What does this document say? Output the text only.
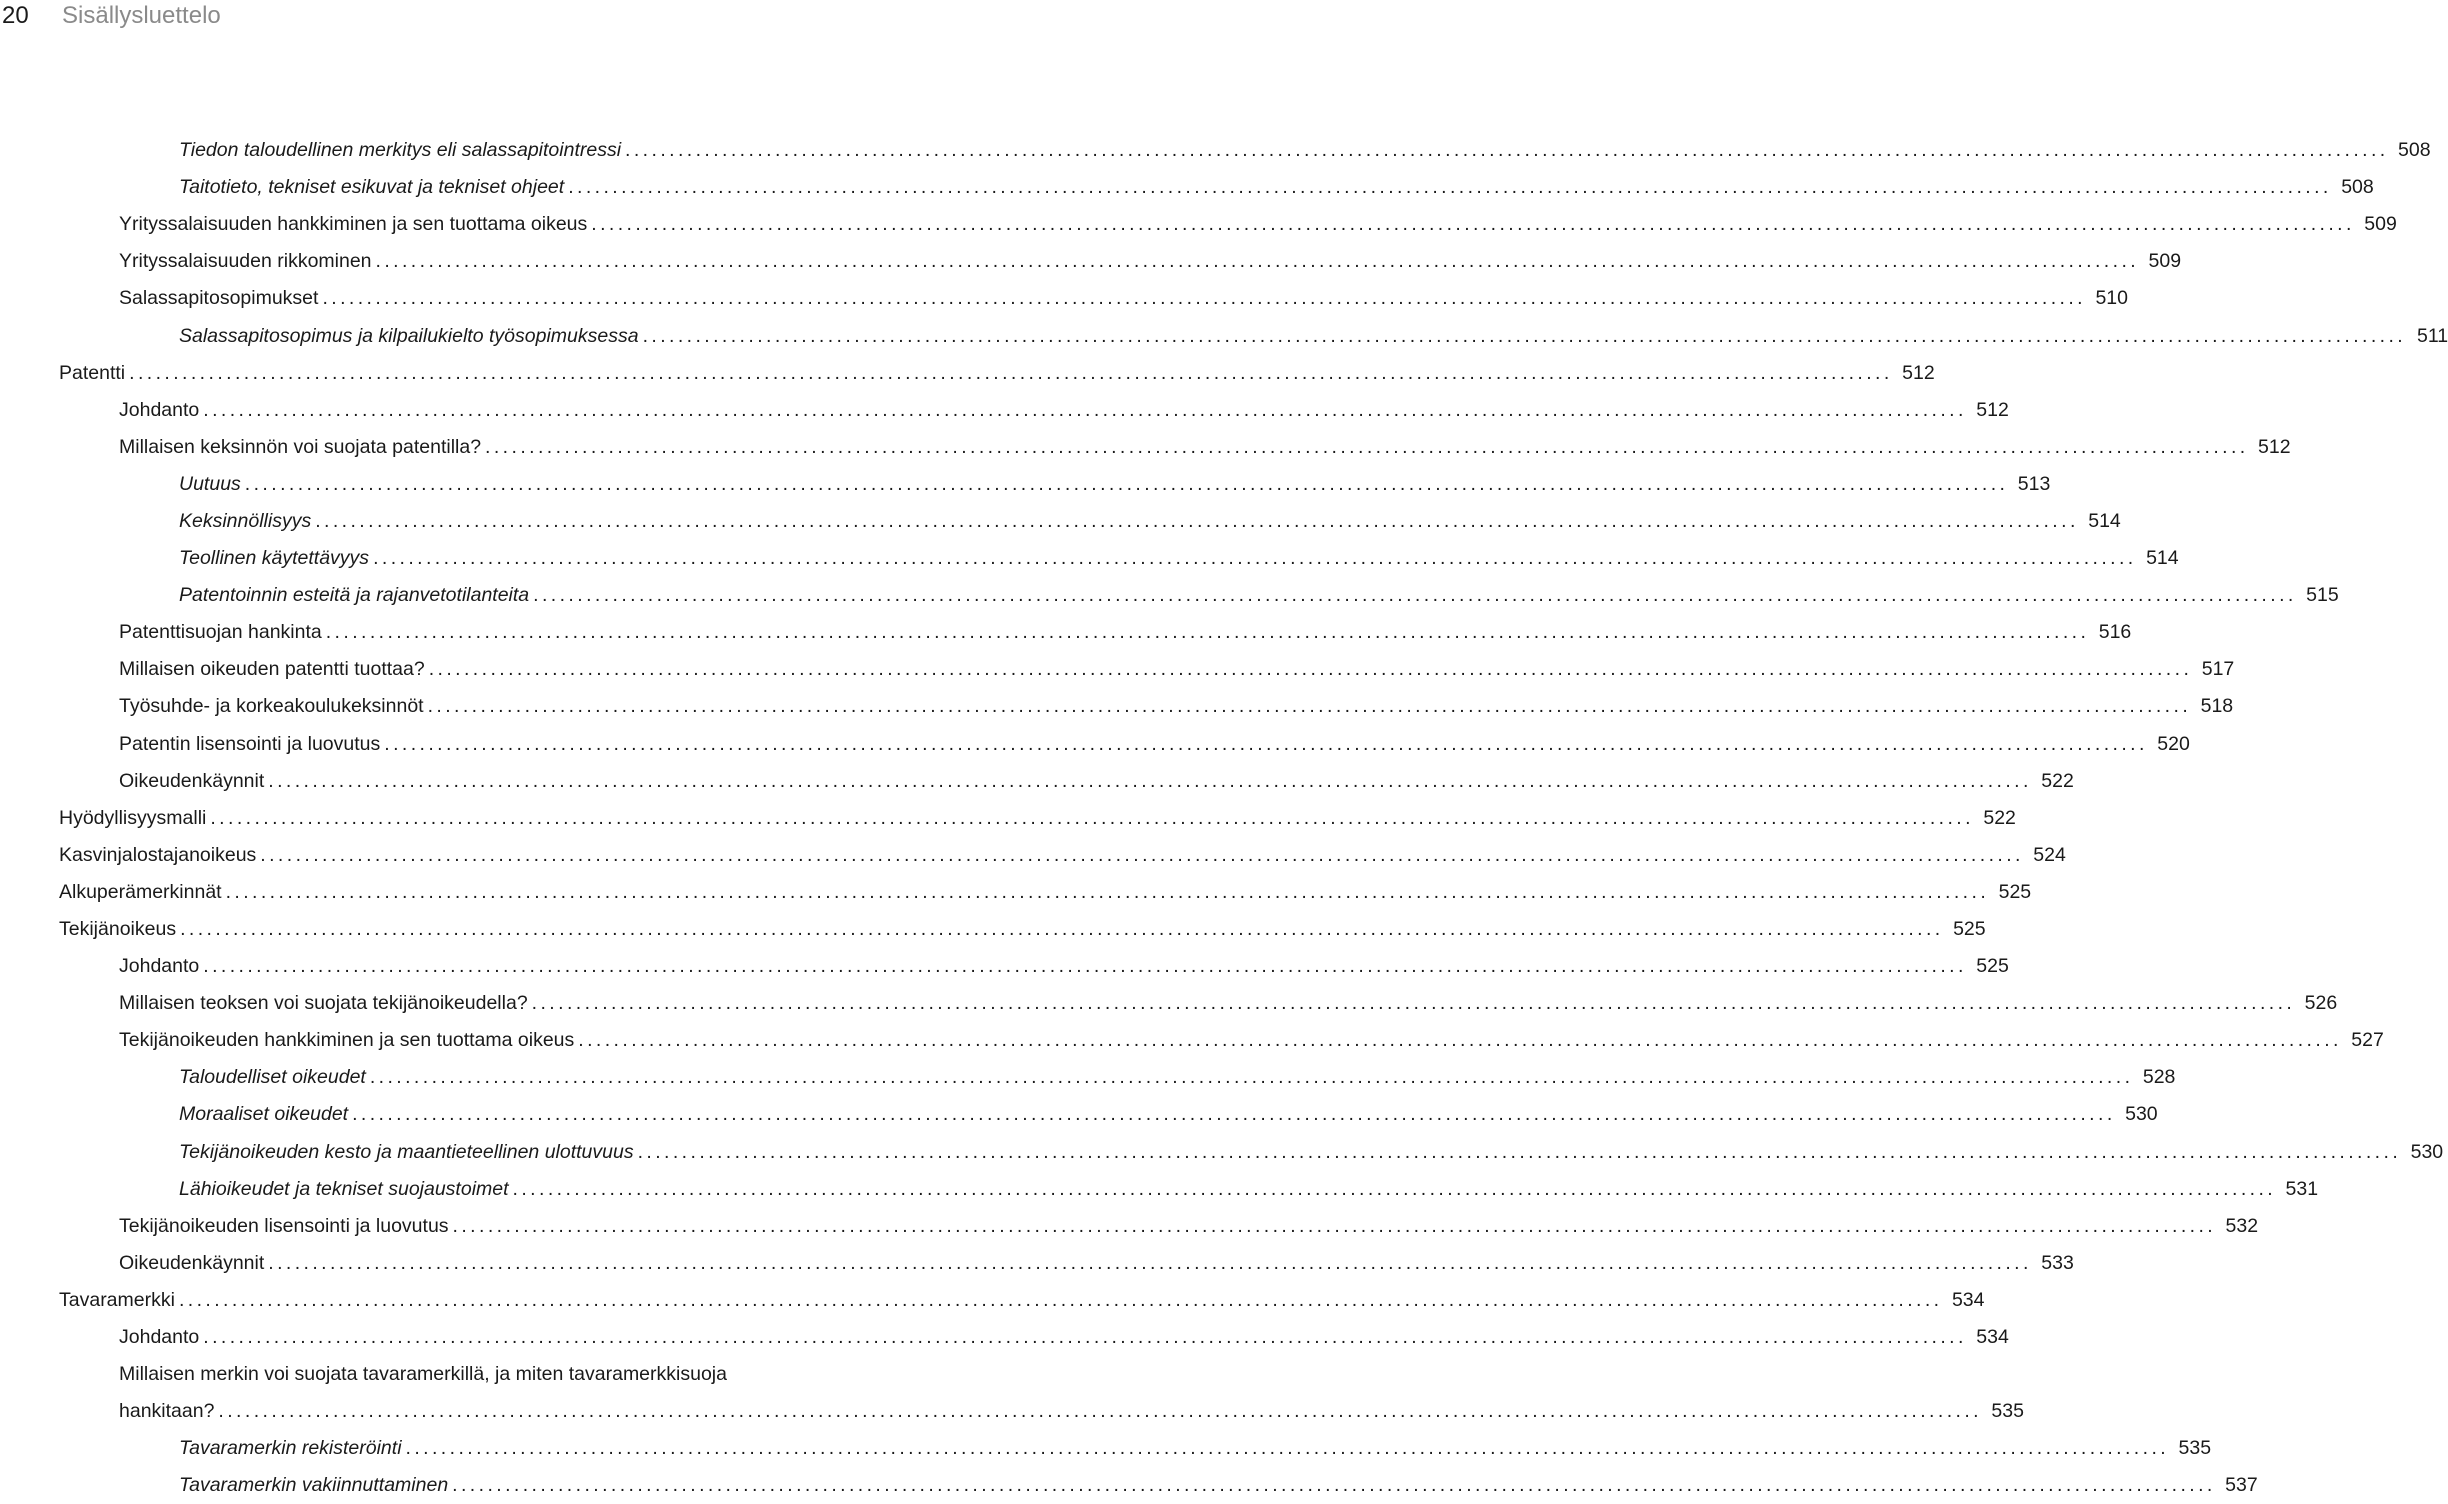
20	Sisällysluettelo
Tiedon taloudellinen merkitys eli salassapitointressi ........................................................................................................................................................................................................ 508
Taitotieto, tekniset esikuvat ja tekniset ohjeet ........................................................................................................................................................................................................ 508
Yrityssalaisuuden hankkiminen ja sen tuottama oikeus ........................................................................................................................................................................................................ 509
Yrityssalaisuuden rikkominen ........................................................................................................................................................................................................ 509
Salassapitosopimukset ........................................................................................................................................................................................................ 510
Salassapitosopimus ja kilpailukielto työsopimuksessa ........................................................................................................................................................................................................ 511
Patentti ........................................................................................................................................................................................................ 512
Johdanto ........................................................................................................................................................................................................ 512
Millaisen keksinnön voi suojata patentilla? ........................................................................................................................................................................................................ 512
Uutuus ........................................................................................................................................................................................................ 513
Keksinnöllisyys ........................................................................................................................................................................................................ 514
Teollinen käytettävyys ........................................................................................................................................................................................................ 514
Patentoinnin esteitä ja rajanvetotilanteita ........................................................................................................................................................................................................ 515
Patenttisuojan hankinta ........................................................................................................................................................................................................ 516
Millaisen oikeuden patentti tuottaa? ........................................................................................................................................................................................................ 517
Työsuhde- ja korkeakoulukeksinnöt ........................................................................................................................................................................................................ 518
Patentin lisensointi ja luovutus ........................................................................................................................................................................................................ 520
Oikeudenkäynnit ........................................................................................................................................................................................................ 522
Hyödyllisyysmalli ........................................................................................................................................................................................................ 522
Kasvinjalostajanoikeus ........................................................................................................................................................................................................ 524
Alkuperämerkinnät ........................................................................................................................................................................................................ 525
Tekijänoikeus ........................................................................................................................................................................................................ 525
Johdanto ........................................................................................................................................................................................................ 525
Millaisen teoksen voi suojata tekijänoikeudella? ........................................................................................................................................................................................................ 526
Tekijänoikeuden hankkiminen ja sen tuottama oikeus ........................................................................................................................................................................................................ 527
Taloudelliset oikeudet ........................................................................................................................................................................................................ 528
Moraaliset oikeudet ........................................................................................................................................................................................................ 530
Tekijänoikeuden kesto ja maantieteellinen ulottuvuus ........................................................................................................................................................................................................ 530
Lähioikeudet ja tekniset suojaustoimet ........................................................................................................................................................................................................ 531
Tekijänoikeuden lisensointi ja luovutus ........................................................................................................................................................................................................ 532
Oikeudenkäynnit ........................................................................................................................................................................................................ 533
Tavaramerkki ........................................................................................................................................................................................................ 534
Johdanto ........................................................................................................................................................................................................ 534
Millaisen merkin voi suojata tavaramerkillä, ja miten tavaramerkkisuoja
hankitaan? ........................................................................................................................................................................................................ 535
Tavaramerkin rekisteröinti ........................................................................................................................................................................................................ 535
Tavaramerkin vakiinnuttaminen ........................................................................................................................................................................................................ 537
